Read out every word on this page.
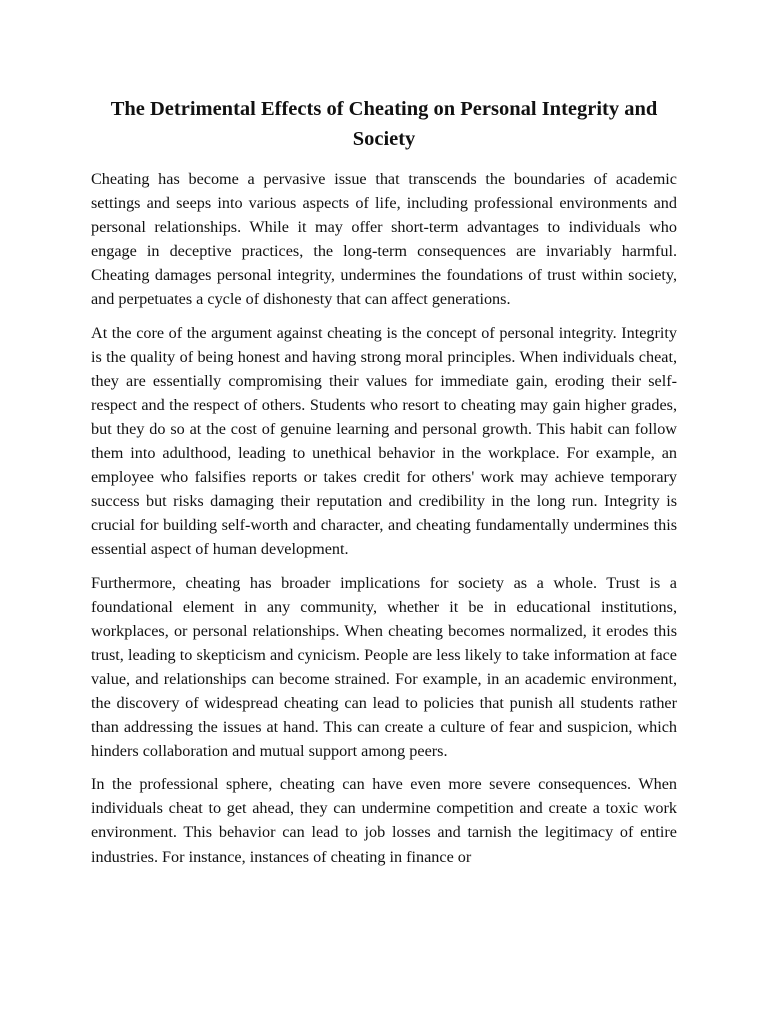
The Detrimental Effects of Cheating on Personal Integrity and Society

Cheating has become a pervasive issue that transcends the boundaries of academic settings and seeps into various aspects of life, including professional environments and personal relationships. While it may offer short-term advantages to individuals who engage in deceptive practices, the long-term consequences are invariably harmful. Cheating damages personal integrity, undermines the foundations of trust within society, and perpetuates a cycle of dishonesty that can affect generations.

At the core of the argument against cheating is the concept of personal integrity. Integrity is the quality of being honest and having strong moral principles. When individuals cheat, they are essentially compromising their values for immediate gain, eroding their self-respect and the respect of others. Students who resort to cheating may gain higher grades, but they do so at the cost of genuine learning and personal growth. This habit can follow them into adulthood, leading to unethical behavior in the workplace. For example, an employee who falsifies reports or takes credit for others' work may achieve temporary success but risks damaging their reputation and credibility in the long run. Integrity is crucial for building self-worth and character, and cheating fundamentally undermines this essential aspect of human development.

Furthermore, cheating has broader implications for society as a whole. Trust is a foundational element in any community, whether it be in educational institutions, workplaces, or personal relationships. When cheating becomes normalized, it erodes this trust, leading to skepticism and cynicism. People are less likely to take information at face value, and relationships can become strained. For example, in an academic environment, the discovery of widespread cheating can lead to policies that punish all students rather than addressing the issues at hand. This can create a culture of fear and suspicion, which hinders collaboration and mutual support among peers.

In the professional sphere, cheating can have even more severe consequences. When individuals cheat to get ahead, they can undermine competition and create a toxic work environment. This behavior can lead to job losses and tarnish the legitimacy of entire industries. For instance, instances of cheating in finance or
